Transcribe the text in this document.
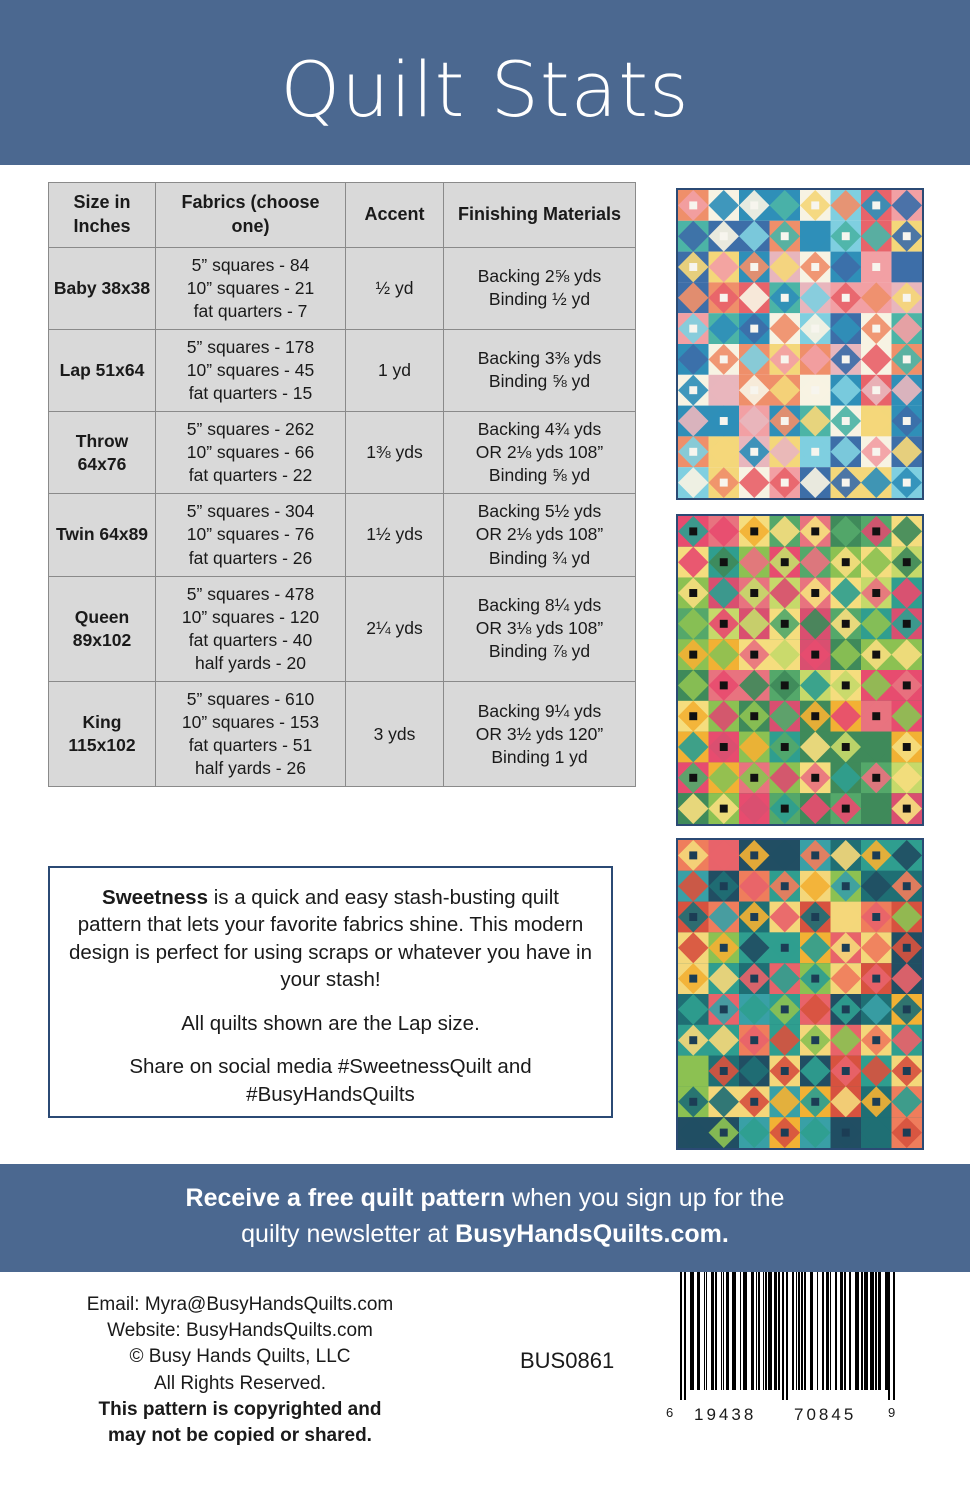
Quilt Stats
Size in Inches	Fabrics (choose one)	Accent	Finishing Materials
Baby 38x38	5” squares - 84
10” squares - 21
fat quarters - 7	½ yd	Backing 2⅝ yds
Binding ½ yd
Lap 51x64	5” squares - 178
10” squares - 45
fat quarters - 15	1 yd	Backing 3⅜ yds
Binding ⅝ yd
Throw 64x76	5” squares - 262
10” squares - 66
fat quarters - 22	1⅜ yds	Backing 4¾ yds
OR 2⅛ yds 108”
Binding ⅝ yd
Twin 64x89	5” squares - 304
10” squares - 76
fat quarters - 26	1½ yds	Backing 5½ yds
OR 2⅛ yds 108”
Binding ¾ yd
Queen 89x102	5” squares - 478
10” squares - 120
fat quarters - 40
half yards - 20	2¼ yds	Backing 8¼ yds
OR 3⅛ yds 108”
Binding ⅞ yd
King 115x102	5” squares - 610
10” squares - 153
fat quarters - 51
half yards - 26	3 yds	Backing 9¼ yds
OR 3½ yds 120”
Binding 1 yd

Sweetness is a quick and easy stash-busting quilt pattern that lets your favorite fabrics shine. This modern design is perfect for using scraps or whatever you have in your stash!

All quilts shown are the Lap size.

Share on social media #SweetnessQuilt and #BusyHandsQuilts

Receive a free quilt pattern when you sign up for the
quilty newsletter at BusyHandsQuilts.com.
Email: Myra@BusyHandsQuilts.com
Website: BusyHandsQuilts.com
© Busy Hands Quilts, LLC
All Rights Reserved.
This pattern is copyrighted and
may not be copied or shared.
BUS0861
6 19438 70845 9
